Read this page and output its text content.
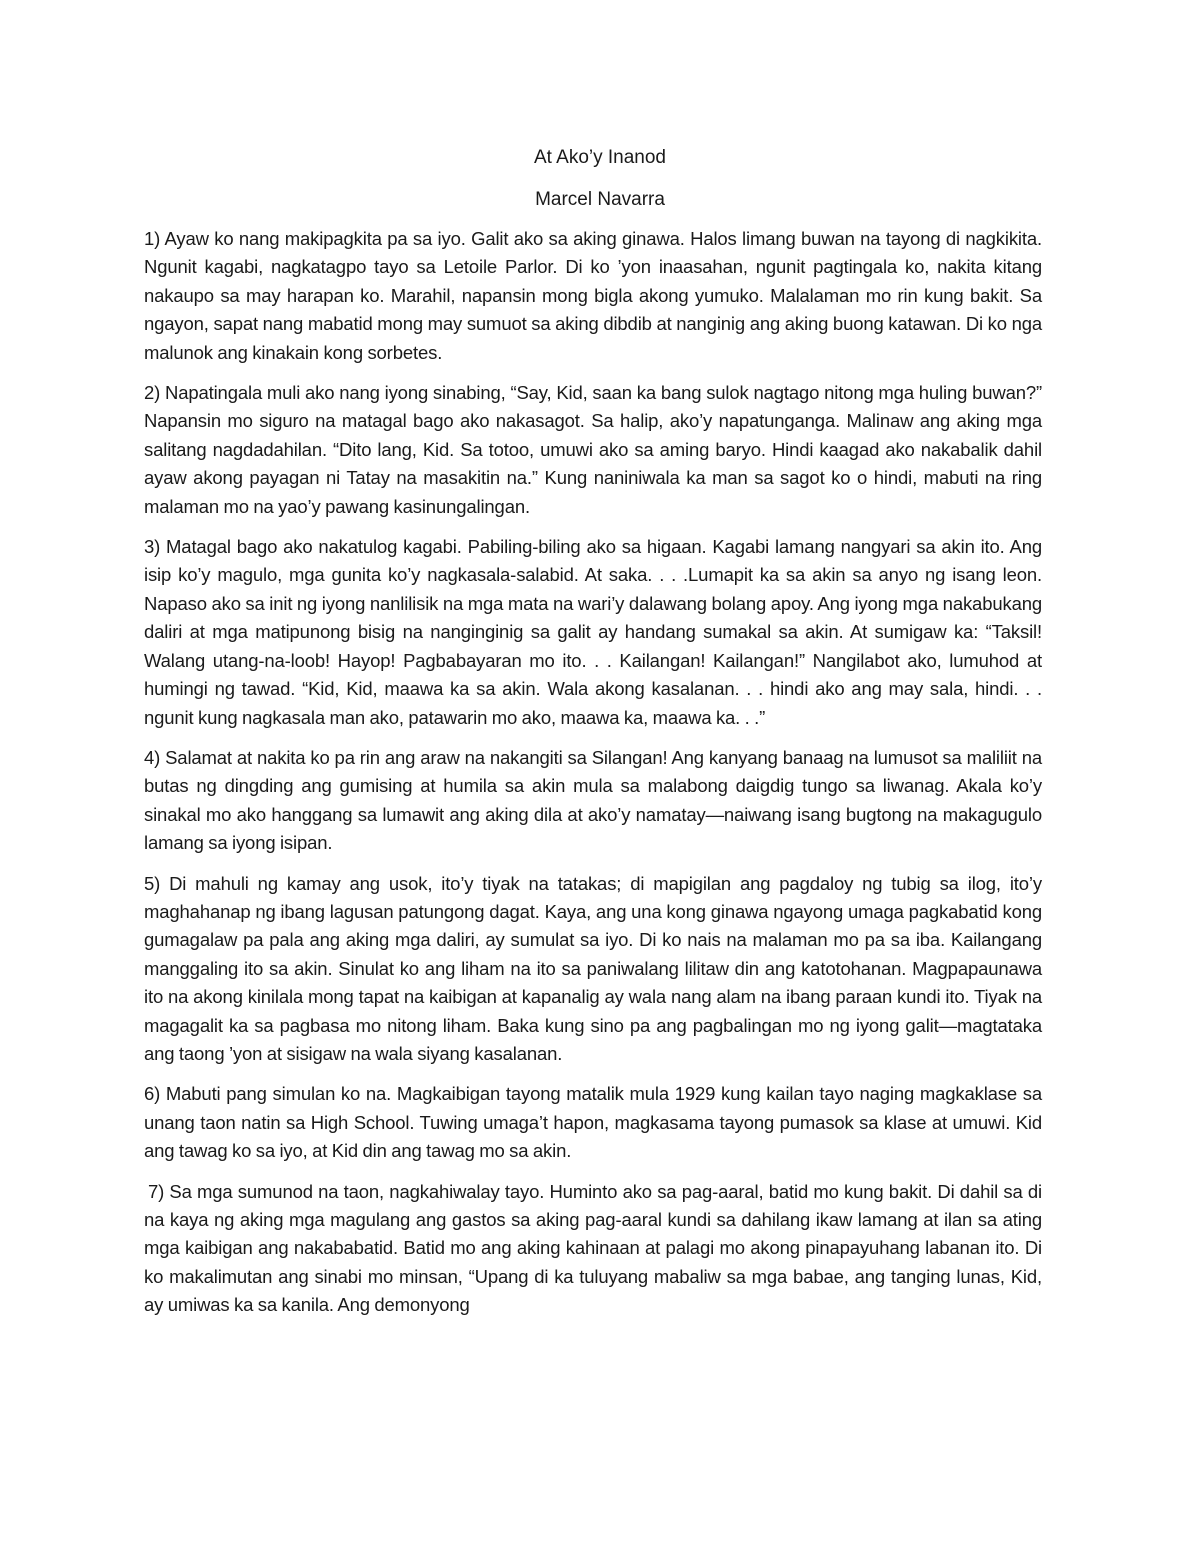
At Ako’y Inanod

Marcel Navarra

1) Ayaw ko nang makipagkita pa sa iyo. Galit ako sa aking ginawa. Halos limang buwan na tayong di nagkikita. Ngunit kagabi, nagkatagpo tayo sa Letoile Parlor. Di ko ’yon inaasahan, ngunit pagtingala ko, nakita kitang nakaupo sa may harapan ko. Marahil, napansin mong bigla akong yumuko. Malalaman mo rin kung bakit. Sa ngayon, sapat nang mabatid mong may sumuot sa aking dibdib at nanginig ang aking buong katawan. Di ko nga malunok ang kinakain kong sorbetes.

2) Napatingala muli ako nang iyong sinabing, “Say, Kid, saan ka bang sulok nagtago nitong mga huling buwan?” Napansin mo siguro na matagal bago ako nakasagot. Sa halip, ako’y napatunganga. Malinaw ang aking mga salitang nagdadahilan. “Dito lang, Kid. Sa totoo, umuwi ako sa aming baryo. Hindi kaagad ako nakabalik dahil ayaw akong payagan ni Tatay na masakitin na.” Kung naniniwala ka man sa sagot ko o hindi, mabuti na ring malaman mo na yao’y pawang kasinungalingan.

3) Matagal bago ako nakatulog kagabi. Pabiling-biling ako sa higaan. Kagabi lamang nangyari sa akin ito. Ang isip ko’y magulo, mga gunita ko’y nagkasala-salabid. At saka. . . .Lumapit ka sa akin sa anyo ng isang leon. Napaso ako sa init ng iyong nanlilisik na mga mata na wari’y dalawang bolang apoy. Ang iyong mga nakabukang daliri at mga matipunong bisig na nanginginig sa galit ay handang sumakal sa akin. At sumigaw ka: “Taksil! Walang utang-na-loob! Hayop! Pagbabayaran mo ito. . . Kailangan! Kailangan!” Nangilabot ako, lumuhod at humingi ng tawad. “Kid, Kid, maawa ka sa akin. Wala akong kasalanan. . . hindi ako ang may sala, hindi. . . ngunit kung nagkasala man ako, patawarin mo ako, maawa ka, maawa ka. . .”

4) Salamat at nakita ko pa rin ang araw na nakangiti sa Silangan! Ang kanyang banaag na lumusot sa maliliit na butas ng dingding ang gumising at humila sa akin mula sa malabong daigdig tungo sa liwanag. Akala ko’y sinakal mo ako hanggang sa lumawit ang aking dila at ako’y namatay—naiwang isang bugtong na makagugulo lamang sa iyong isipan.

5) Di mahuli ng kamay ang usok, ito’y tiyak na tatakas; di mapigilan ang pagdaloy ng tubig sa ilog, ito’y maghahanap ng ibang lagusan patungong dagat. Kaya, ang una kong ginawa ngayong umaga pagkabatid kong gumagalaw pa pala ang aking mga daliri, ay sumulat sa iyo. Di ko nais na malaman mo pa sa iba. Kailangang manggaling ito sa akin. Sinulat ko ang liham na ito sa paniwalang lilitaw din ang katotohanan. Magpapaunawa ito na akong kinilala mong tapat na kaibigan at kapanalig ay wala nang alam na ibang paraan kundi ito. Tiyak na magagalit ka sa pagbasa mo nitong liham. Baka kung sino pa ang pagbalingan mo ng iyong galit—magtataka ang taong ’yon at sisigaw na wala siyang kasalanan.

6) Mabuti pang simulan ko na. Magkaibigan tayong matalik mula 1929 kung kailan tayo naging magkaklase sa unang taon natin sa High School. Tuwing umaga’t hapon, magkasama tayong pumasok sa klase at umuwi. Kid ang tawag ko sa iyo, at Kid din ang tawag mo sa akin.

7) Sa mga sumunod na taon, nagkahiwalay tayo. Huminto ako sa pag-aaral, batid mo kung bakit. Di dahil sa di na kaya ng aking mga magulang ang gastos sa aking pag-aaral kundi sa dahilang ikaw lamang at ilan sa ating mga kaibigan ang nakababatid. Batid mo ang aking kahinaan at palagi mo akong pinapayuhang labanan ito. Di ko makalimutan ang sinabi mo minsan, “Upang di ka tuluyang mabaliw sa mga babae, ang tanging lunas, Kid, ay umiwas ka sa kanila. Ang demonyong
